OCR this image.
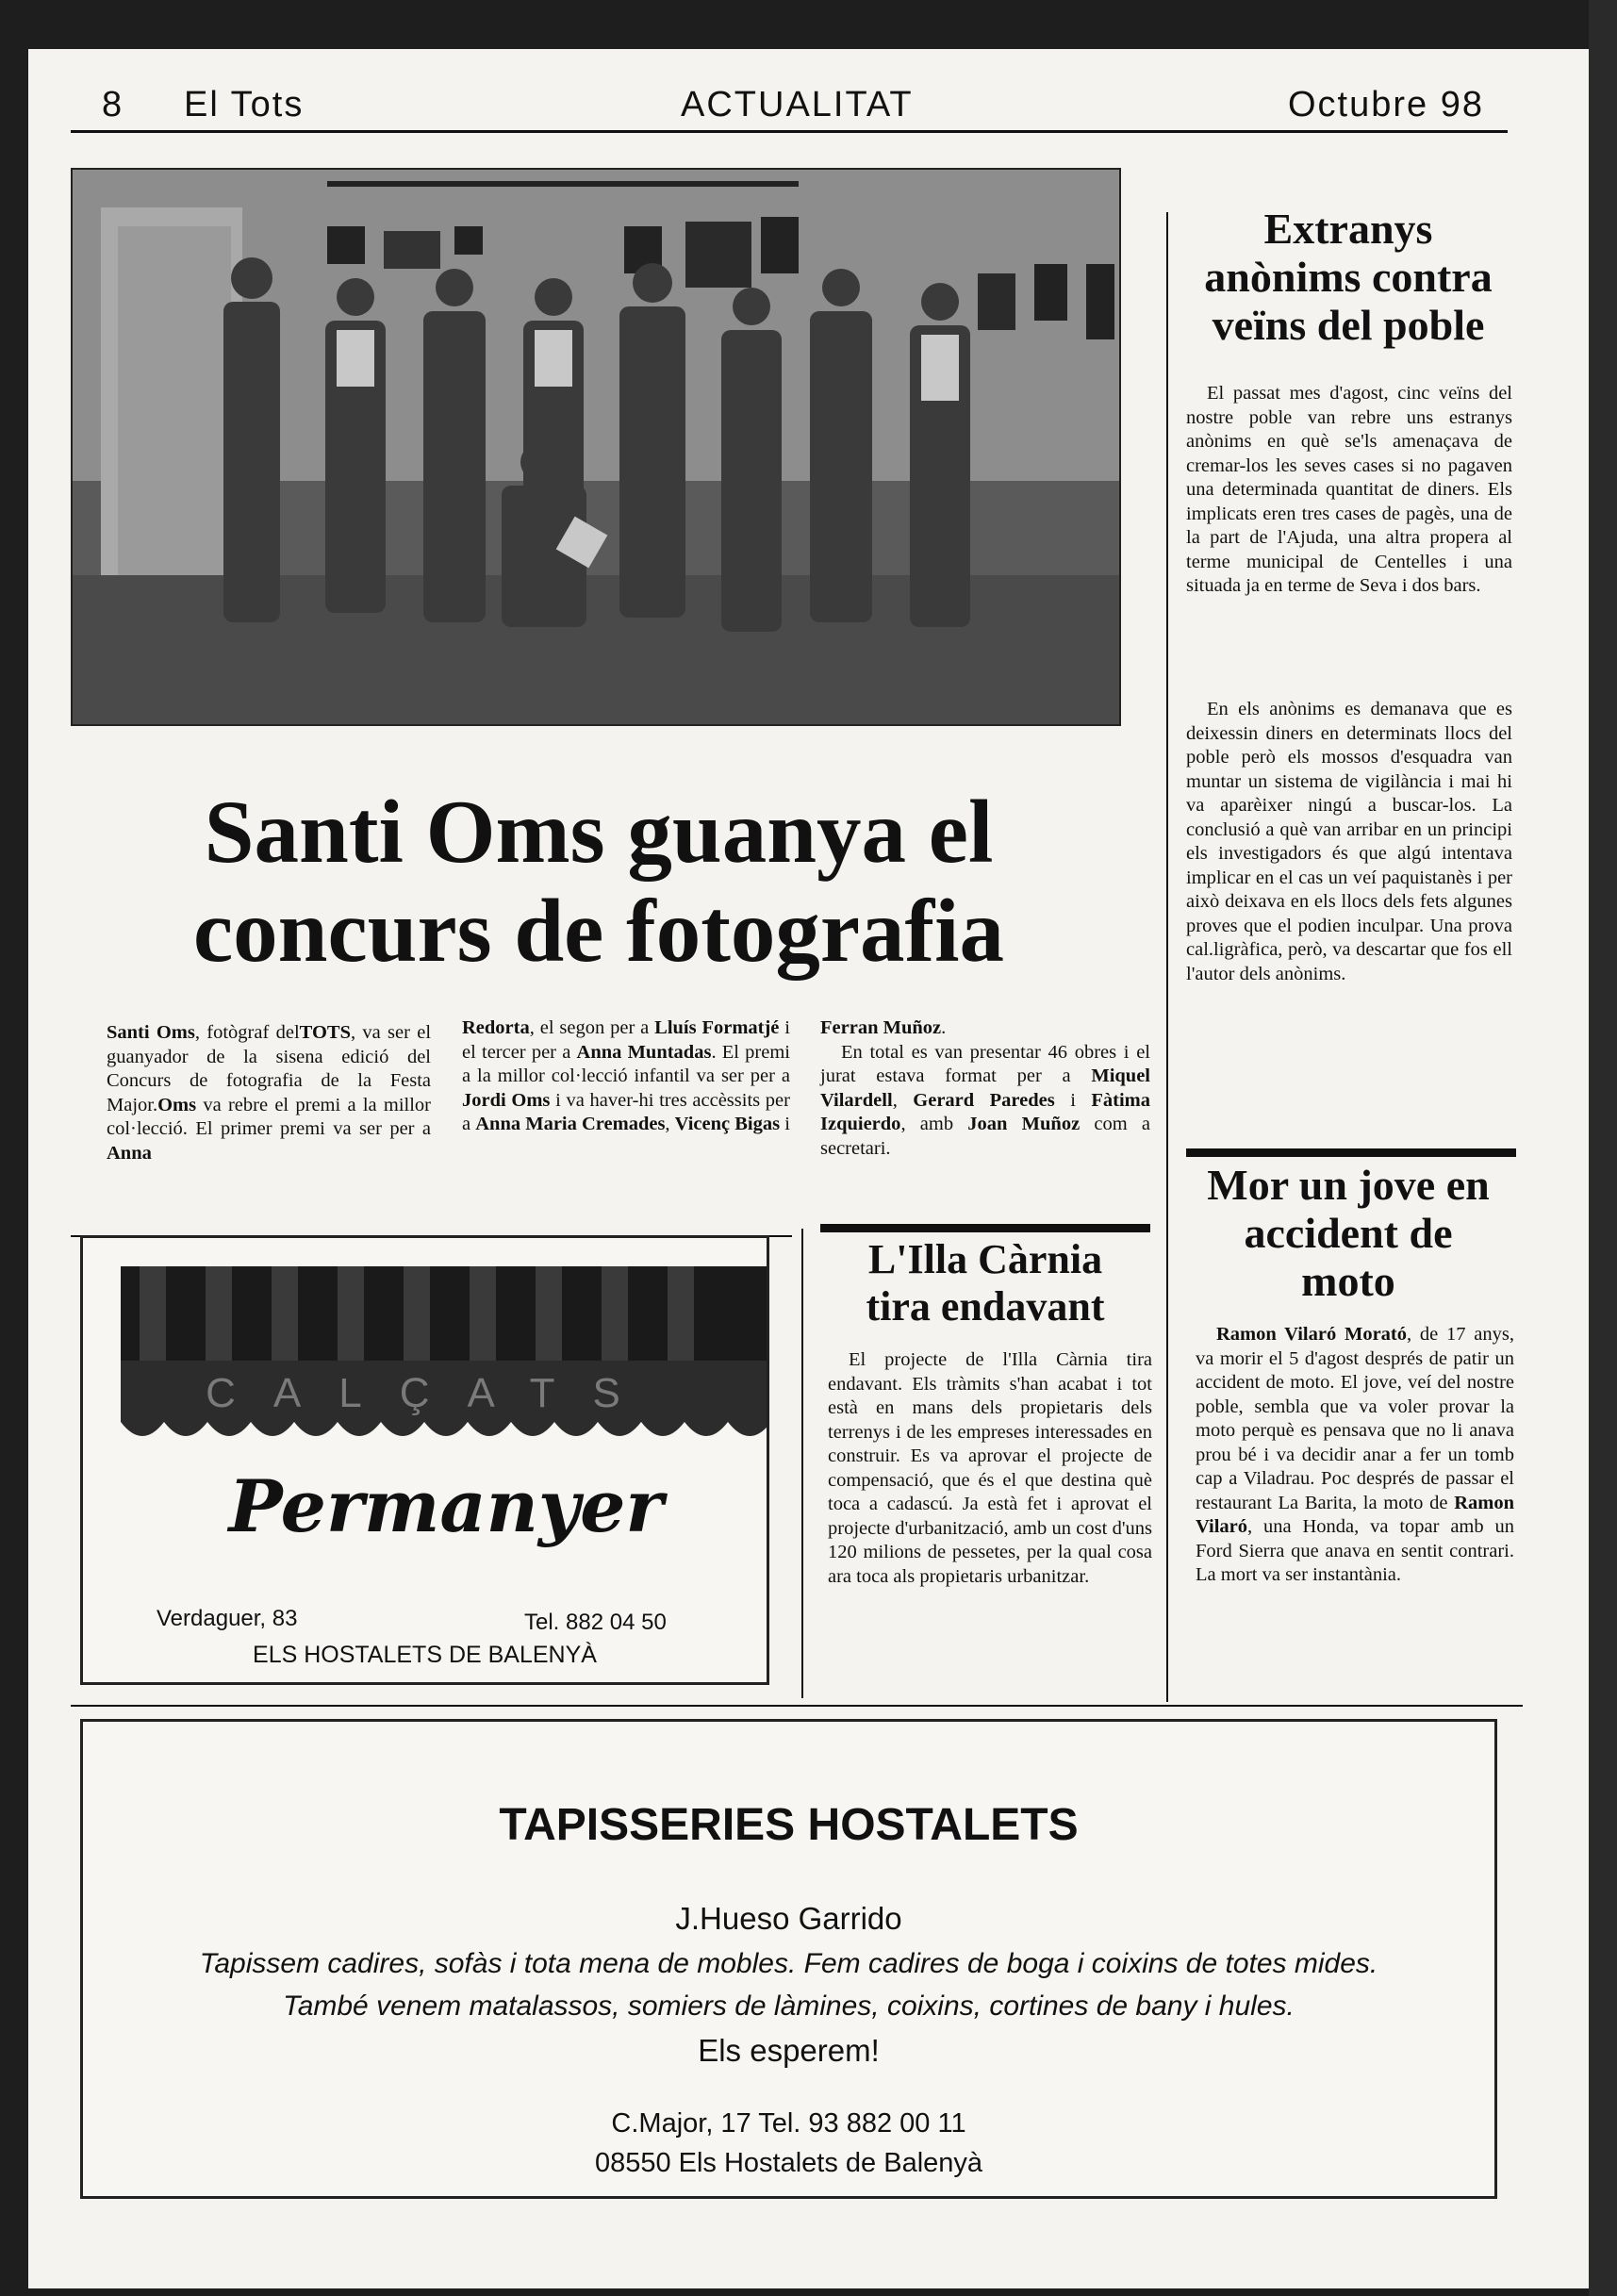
8 El Tots	ACTUALITAT	Octubre 98
Santi Oms guanya el
concurs de fotografia
Santi Oms, fotògraf delTOTS, va ser el guanyador de la sisena edició del Concurs de fotografia de la Festa Major.Oms va rebre el premi a la millor col·lecció. El primer premi va ser per a Anna
Redorta, el segon per a Lluís Formatjé i el tercer per a Anna Muntadas. El premi a la millor col·lecció infantil va ser per a Jordi Oms i va haver-hi tres accèssits per a Anna Maria Cremades, Vicenç Bigas i
Ferran Muñoz.
En total es van presentar 46 obres i el jurat estava format per a Miquel Vilardell, Gerard Paredes i Fàtima Izquierdo, amb Joan Muñoz com a secretari.
Extranys
anònims contra
veïns del poble
El passat mes d'agost, cinc veïns del nostre poble van rebre uns estranys anònims en què se'ls amenaçava de cremar-los les seves cases si no pagaven una determinada quantitat de diners. Els implicats eren tres cases de pagès, una de la part de l'Ajuda, una altra propera al terme municipal de Centelles i una situada ja en terme de Seva i dos bars.
En els anònims es demanava que es deixessin diners en determinats llocs del poble però els mossos d'esquadra van muntar un sistema de vigilància i mai hi va aparèixer ningú a buscar-los. La conclusió a què van arribar en un principi els investigadors és que algú intentava implicar en el cas un veí paquistanès i per això deixava en els llocs dels fets algunes proves que el podien inculpar. Una prova cal.ligràfica, però, va descartar que fos ell l'autor dels anònims.
Mor un jove en
accident de
moto
Ramon Vilaró Morató, de 17 anys, va morir el 5 d'agost després de patir un accident de moto. El jove, veí del nostre poble, sembla que va voler provar la moto perquè es pensava que no li anava prou bé i va decidir anar a fer un tomb cap a Viladrau. Poc després de passar el restaurant La Barita, la moto de Ramon Vilaró, una Honda, va topar amb un Ford Sierra que anava en sentit contrari. La mort va ser instantània.
L'Illa Càrnia
tira endavant
El projecte de l'Illa Càrnia tira endavant. Els tràmits s'han acabat i tot està en mans dels propietaris dels terrenys i de les empreses interessades en construir. Es va aprovar el projecte de compensació, que és el que destina què toca a cadascú. Ja està fet i aprovat el projecte d'urbanització, amb un cost d'uns 120 milions de pessetes, per la qual cosa ara toca als propietaris urbanitzar.
CALÇATS
Permanyer
Verdaguer, 83	Tel. 882 04 50
ELS HOSTALETS DE BALENYÀ
TAPISSERIES HOSTALETS
J.Hueso Garrido
Tapissem cadires, sofàs i tota mena de mobles. Fem cadires de boga i coixins de totes mides.
També venem matalassos, somiers de làmines, coixins, cortines de bany i hules.
Els esperem!
C.Major, 17 Tel. 93 882 00 11
08550 Els Hostalets de Balenyà
